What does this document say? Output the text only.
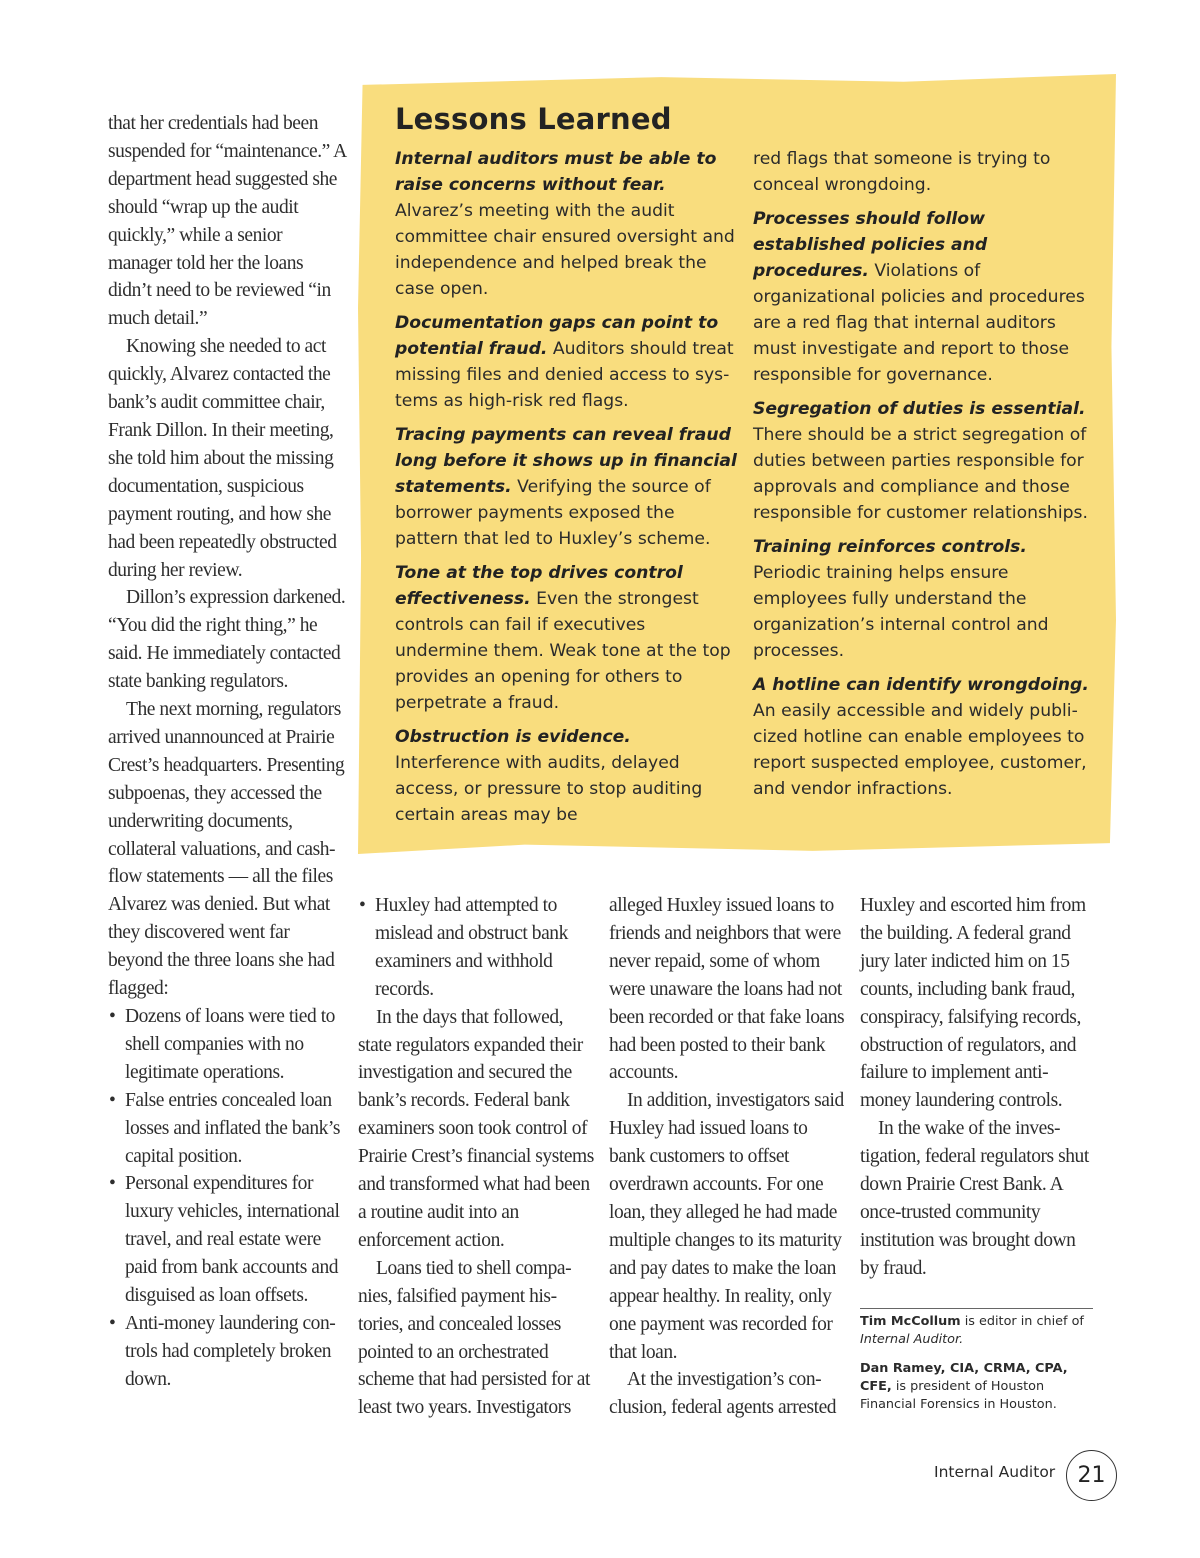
that her credentials had been suspended for “maintenance.” A department head suggested she should “wrap up the audit quickly,” while a senior manager told her the loans didn’t need to be reviewed “in much detail.”

Knowing she needed to act quickly, Alvarez contacted the bank’s audit committee chair, Frank Dillon. In their meeting, she told him about the missing documentation, suspicious payment routing, and how she had been repeatedly obstructed during her review.

Dillon’s expression darkened. “You did the right thing,” he said. He immediately contacted state banking regulators.

The next morning, regulators arrived unannounced at Prairie Crest’s headquarters. Presenting subpoenas, they accessed the underwriting documents, collateral valuations, and cash-flow statements — all the files Alvarez was denied. But what they discovered went far beyond the three loans she had flagged:

• Dozens of loans were tied to shell companies with no legitimate operations.
• False entries concealed loan losses and inflated the bank’s capital position.
• Personal expenditures for luxury vehicles, international travel, and real estate were paid from bank accounts and disguised as loan offsets.
• Anti-money laundering controls had completely broken down.
Lessons Learned

Internal auditors must be able to raise concerns without fear. Alvarez’s meeting with the audit committee chair ensured oversight and independence and helped break the case open.

Documentation gaps can point to potential fraud. Auditors should treat missing files and denied access to systems as high-risk red flags.

Tracing payments can reveal fraud long before it shows up in financial statements. Verifying the source of borrower payments exposed the pattern that led to Huxley’s scheme.

Tone at the top drives control effectiveness. Even the strongest controls can fail if executives undermine them. Weak tone at the top provides an opening for others to perpetrate a fraud.

Obstruction is evidence. Interference with audits, delayed access, or pressure to stop auditing certain areas may be

red flags that someone is trying to conceal wrongdoing.

Processes should follow established policies and procedures. Violations of organizational policies and procedures are a red flag that internal auditors must investigate and report to those responsible for governance.

Segregation of duties is essential. There should be a strict segregation of duties between parties responsible for approvals and compliance and those responsible for customer relationships.

Training reinforces controls. Periodic training helps ensure employees fully understand the organization’s internal control and processes.

A hotline can identify wrongdoing. An easily accessible and widely publicized hotline can enable employees to report suspected employee, customer, and vendor infractions.

• Huxley had attempted to mislead and obstruct bank examiners and withhold records.

In the days that followed, state regulators expanded their investigation and secured the bank’s records. Federal bank examiners soon took control of Prairie Crest’s financial systems and transformed what had been a routine audit into an enforcement action.

Loans tied to shell companies, falsified payment histories, and concealed losses pointed to an orchestrated scheme that had persisted for at least two years. Investigators

alleged Huxley issued loans to friends and neighbors that were never repaid, some of whom were unaware the loans had not been recorded or that fake loans had been posted to their bank accounts.

In addition, investigators said Huxley had issued loans to bank customers to offset overdrawn accounts. For one loan, they alleged he had made multiple changes to its maturity and pay dates to make the loan appear healthy. In reality, only one payment was recorded for that loan.

At the investigation’s conclusion, federal agents arrested

Huxley and escorted him from the building. A federal grand jury later indicted him on 15 counts, including bank fraud, conspiracy, falsifying records, obstruction of regulators, and failure to implement anti-money laundering controls.

In the wake of the investigation, federal regulators shut down Prairie Crest Bank. A once-trusted community institution was brought down by fraud.

Tim McCollum is editor in chief of Internal Auditor.

Dan Ramey, CIA, CRMA, CPA, CFE, is president of Houston Financial Forensics in Houston.

Internal Auditor	21
